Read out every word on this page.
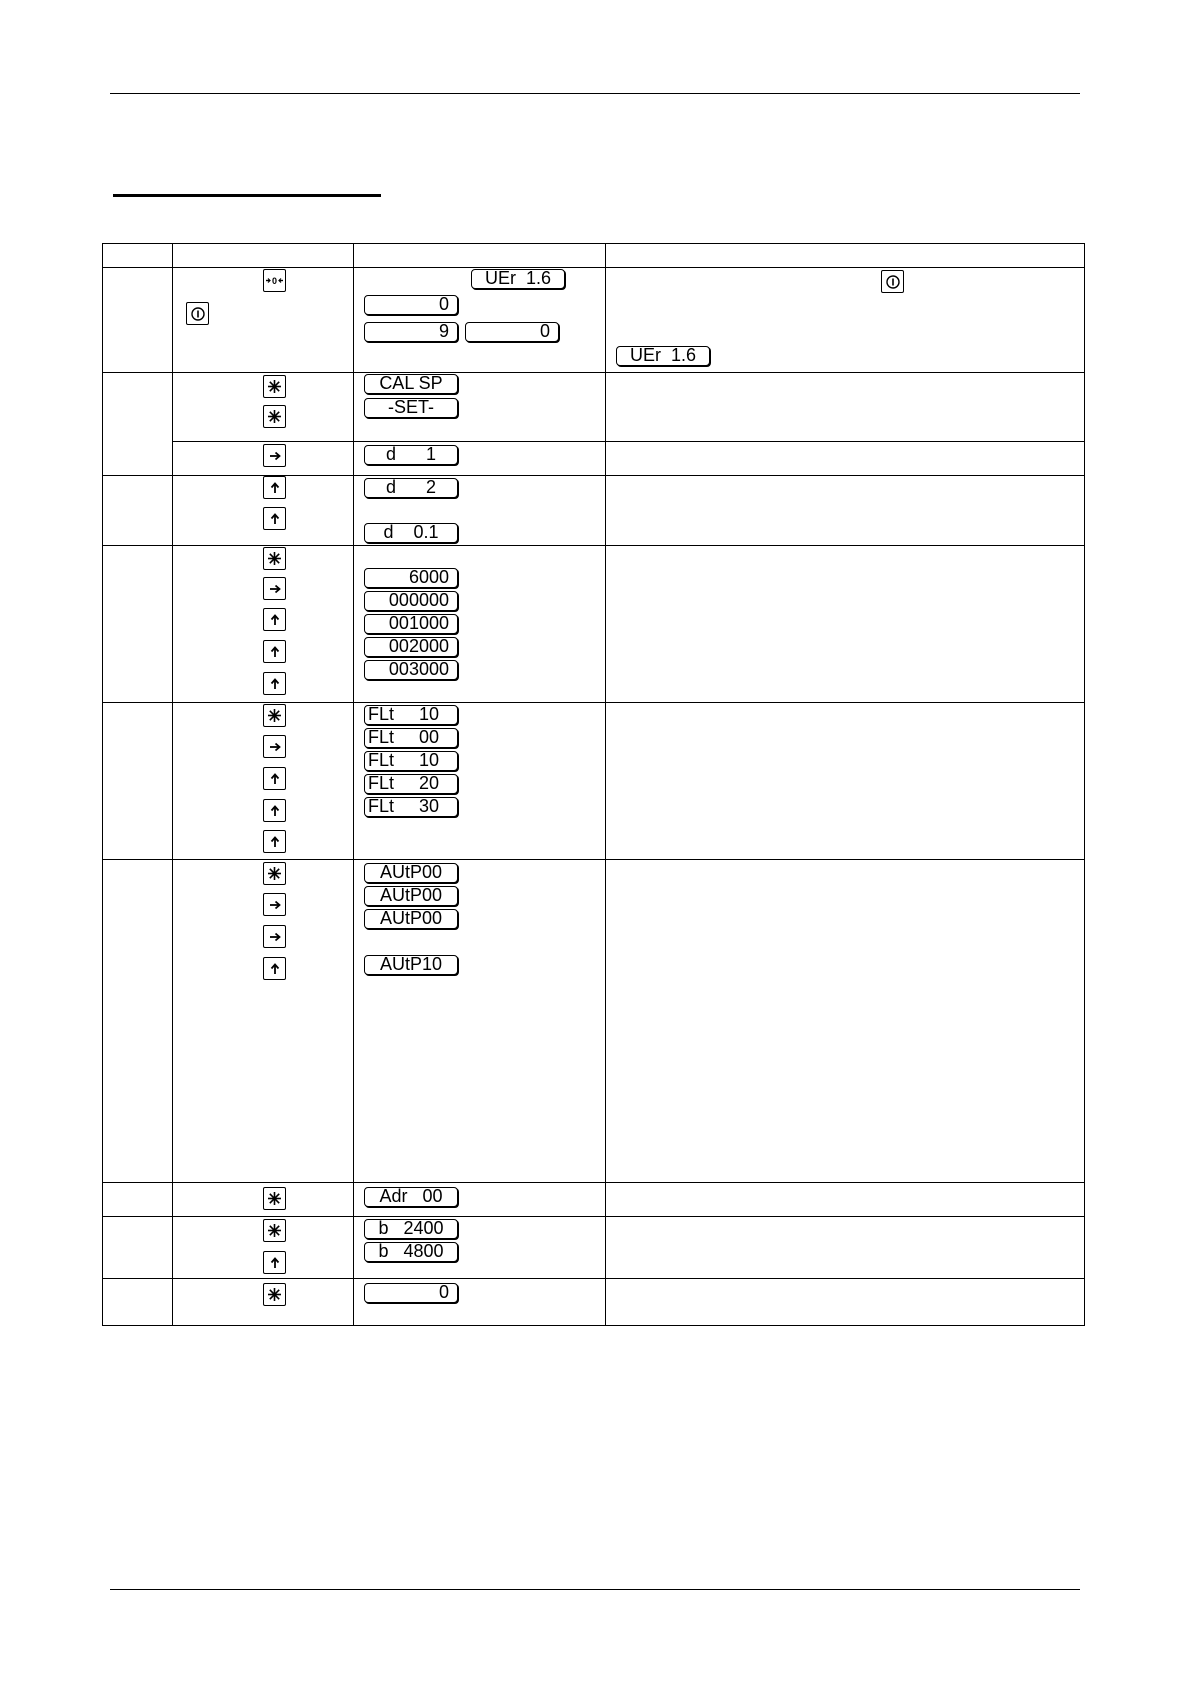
0	UEr  1.6
0
9	0
UEr  1.6
CAL SP
-SET-
d      1
d      2
d    0.1
6000
000000
001000
002000
003000
FLt     10
FLt     00
FLt     10
FLt     20
FLt     30
AUtP00
AUtP00
AUtP00
AUtP10
Adr   00
b   2400
b   4800
0
